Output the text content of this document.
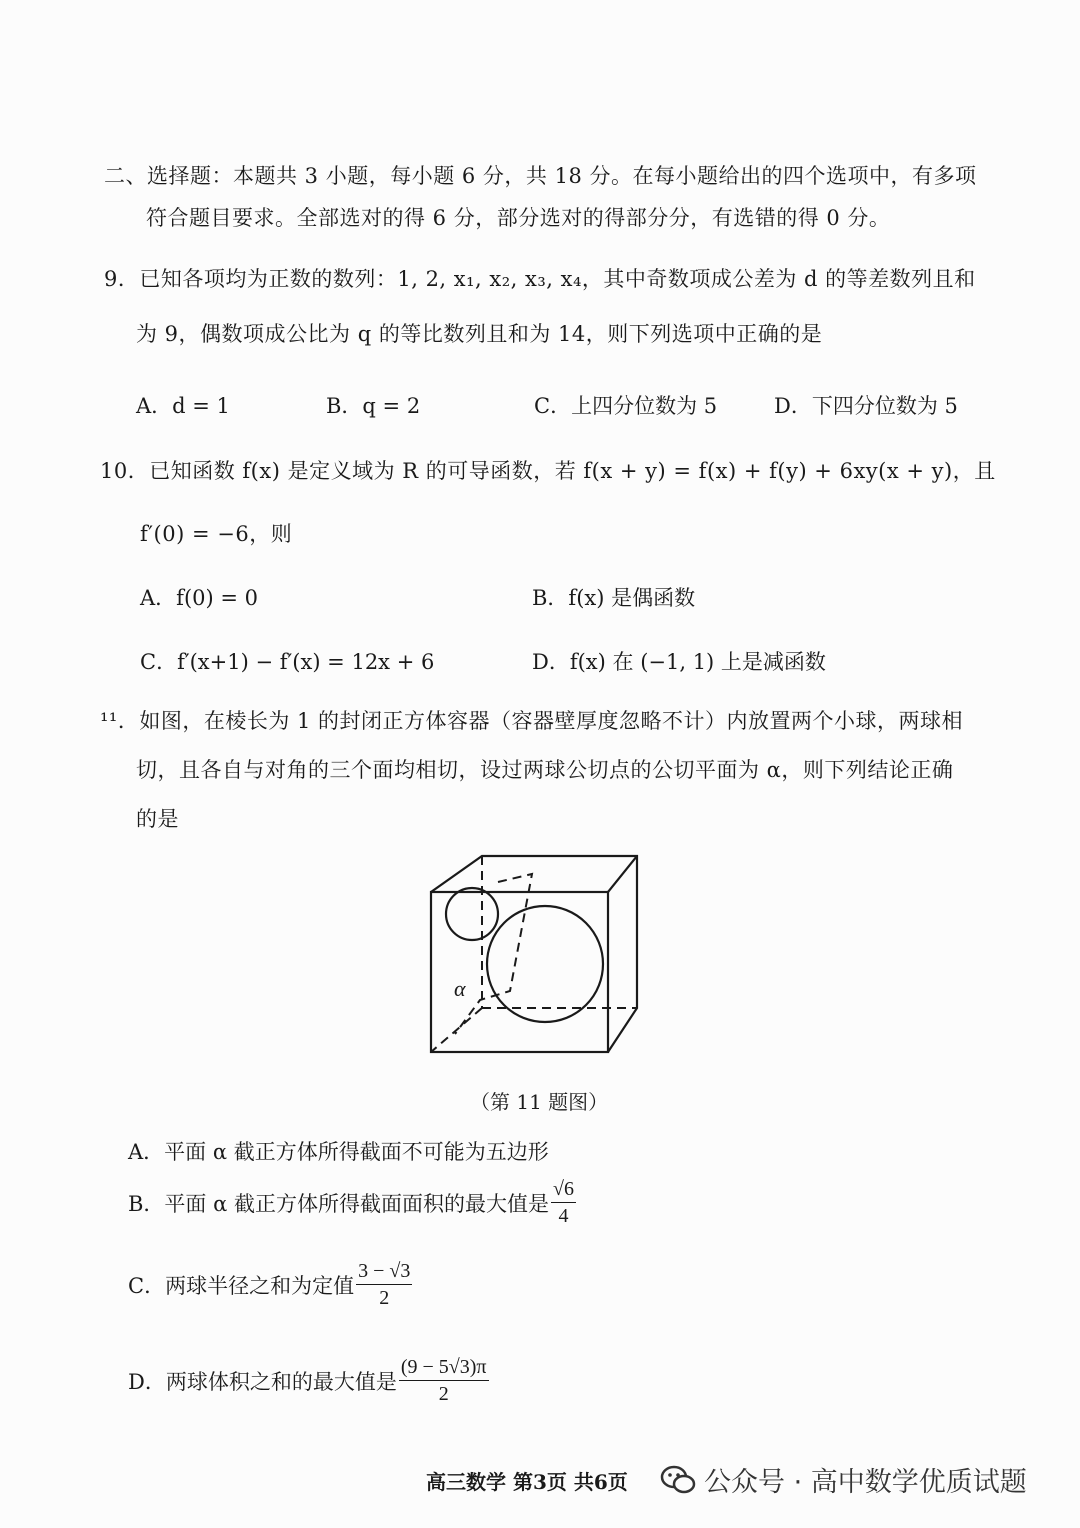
二、选择题：本题共 3 小题，每小题 6 分，共 18 分。在每小题给出的四个选项中，有多项
符合题目要求。全部选对的得 6 分，部分选对的得部分分，有选错的得 0 分。
9．已知各项均为正数的数列：1, 2, x₁, x₂, x₃, x₄，其中奇数项成公差为 d 的等差数列且和
为 9，偶数项成公比为 q 的等比数列且和为 14，则下列选项中正确的是
A．d = 1	B．q = 2	C．上四分位数为 5	D．下四分位数为 5
10．已知函数 f(x) 是定义域为 R 的可导函数，若 f(x + y) = f(x) + f(y) + 6xy(x + y)，且
f′(0) = −6，则
A．f(0) = 0	B．f(x) 是偶函数
C．f′(x+1) − f′(x) = 12x + 6	D．f(x) 在 (−1, 1) 上是减函数
¹¹．如图，在棱长为 1 的封闭正方体容器（容器壁厚度忽略不计）内放置两个小球，两球相
切，且各自与对角的三个面均相切，设过两球公切点的公切平面为 α，则下列结论正确
的是
α
（第 11 题图）
A．平面 α 截正方体所得截面不可能为五边形
B．平面 α 截正方体所得截面面积的最大值是 $\frac{√6}{4}$
C．两球半径之和为定值 $\frac{3 - √3}{2}$
D．两球体积之和的最大值是 $\frac{(9 - 5√3)\pi}{2}$
高三数学 第3页 共6页	公众号 · 高中数学优质试题
